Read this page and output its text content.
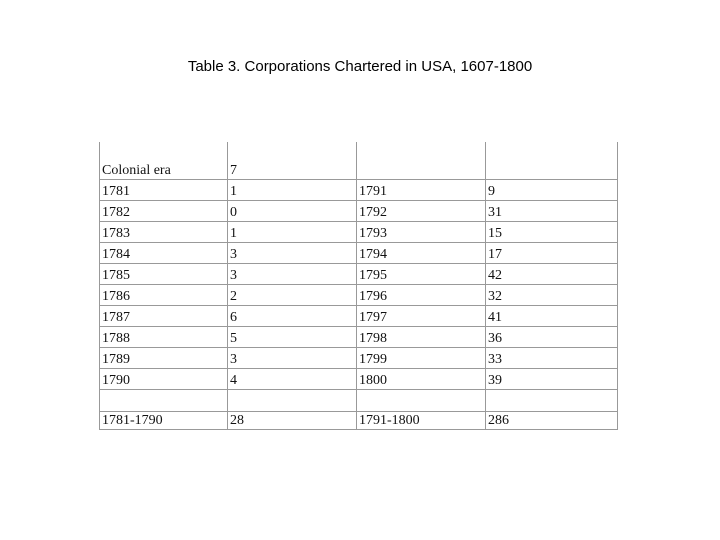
Table 3. Corporations Chartered in USA, 1607-1800
Colonial era	7		
1781	1	1791	9
1782	0	1792	31
1783	1	1793	15
1784	3	1794	17
1785	3	1795	42
1786	2	1796	32
1787	6	1797	41
1788	5	1798	36
1789	3	1799	33
1790	4	1800	39

1781-1790	28	1791-1800	286
